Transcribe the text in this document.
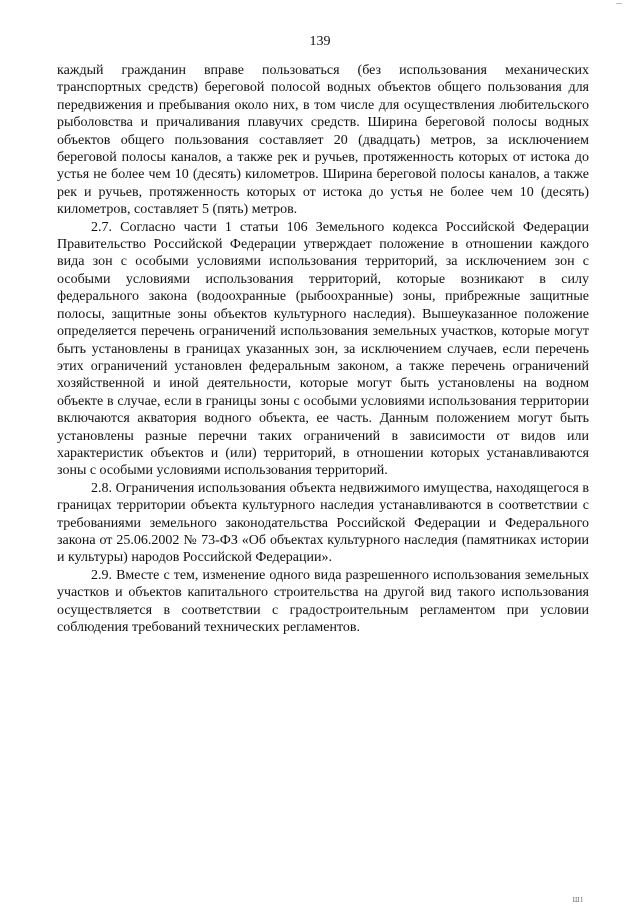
139

каждый гражданин вправе пользоваться (без использования механических транспортных средств) береговой полосой водных объектов общего пользования для передвижения и пребывания около них, в том числе для осуществления любительского рыболовства и причаливания плавучих средств. Ширина береговой полосы водных объектов общего пользования составляет 20 (двадцать) метров, за исключением береговой полосы каналов, а также рек и ручьев, протяженность которых от истока до устья не более чем 10 (десять) километров. Ширина береговой полосы каналов, а также рек и ручьев, протяженность которых от истока до устья не более чем 10 (десять) километров, составляет 5 (пять) метров.

2.7. Согласно части 1 статьи 106 Земельного кодекса Российской Федерации Правительство Российской Федерации утверждает положение в отношении каждого вида зон с особыми условиями использования территорий, за исключением зон с особыми условиями использования территорий, которые возникают в силу федерального закона (водоохранные (рыбоохранные) зоны, прибрежные защитные полосы, защитные зоны объектов культурного наследия). Вышеуказанное положение определяется перечень ограничений использования земельных участков, которые могут быть установлены в границах указанных зон, за исключением случаев, если перечень этих ограничений установлен федеральным законом, а также перечень ограничений хозяйственной и иной деятельности, которые могут быть установлены на водном объекте в случае, если в границы зоны с особыми условиями использования территории включаются акватория водного объекта, ее часть. Данным положением могут быть установлены разные перечни таких ограничений в зависимости от видов или характеристик объектов и (или) территорий, в отношении которых устанавливаются зоны с особыми условиями использования территорий.

2.8. Ограничения использования объекта недвижимого имущества, находящегося в границах территории объекта культурного наследия устанавливаются в соответствии с требованиями земельного законодательства Российской Федерации и Федерального закона от 25.06.2002 № 73-ФЗ «Об объектах культурного наследия (памятниках истории и культуры) народов Российской Федерации».

2.9. Вместе с тем, изменение одного вида разрешенного использования земельных участков и объектов капитального строительства на другой вид такого использования осуществляется в соответствии с градостроительным регламентом при условии соблюдения требований технических регламентов.

ШІ
